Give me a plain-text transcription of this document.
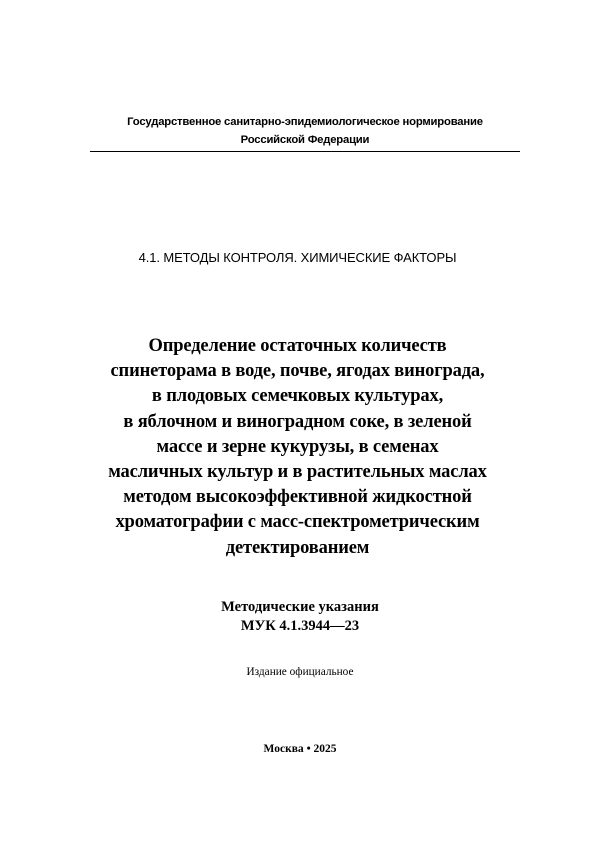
Государственное санитарно-эпидемиологическое нормирование
Российской Федерации
4.1. МЕТОДЫ КОНТРОЛЯ. ХИМИЧЕСКИЕ ФАКТОРЫ
Определение остаточных количеств
спинеторама в воде, почве, ягодах винограда,
в плодовых семечковых культурах,
в яблочном и виноградном соке, в зеленой
массе и зерне кукурузы, в семенах
масличных культур и в растительных маслах
методом высокоэффективной жидкостной
хроматографии с масс-спектрометрическим
детектированием
Методические указания
МУК 4.1.3944—23
Издание официальное
Москва • 2025
